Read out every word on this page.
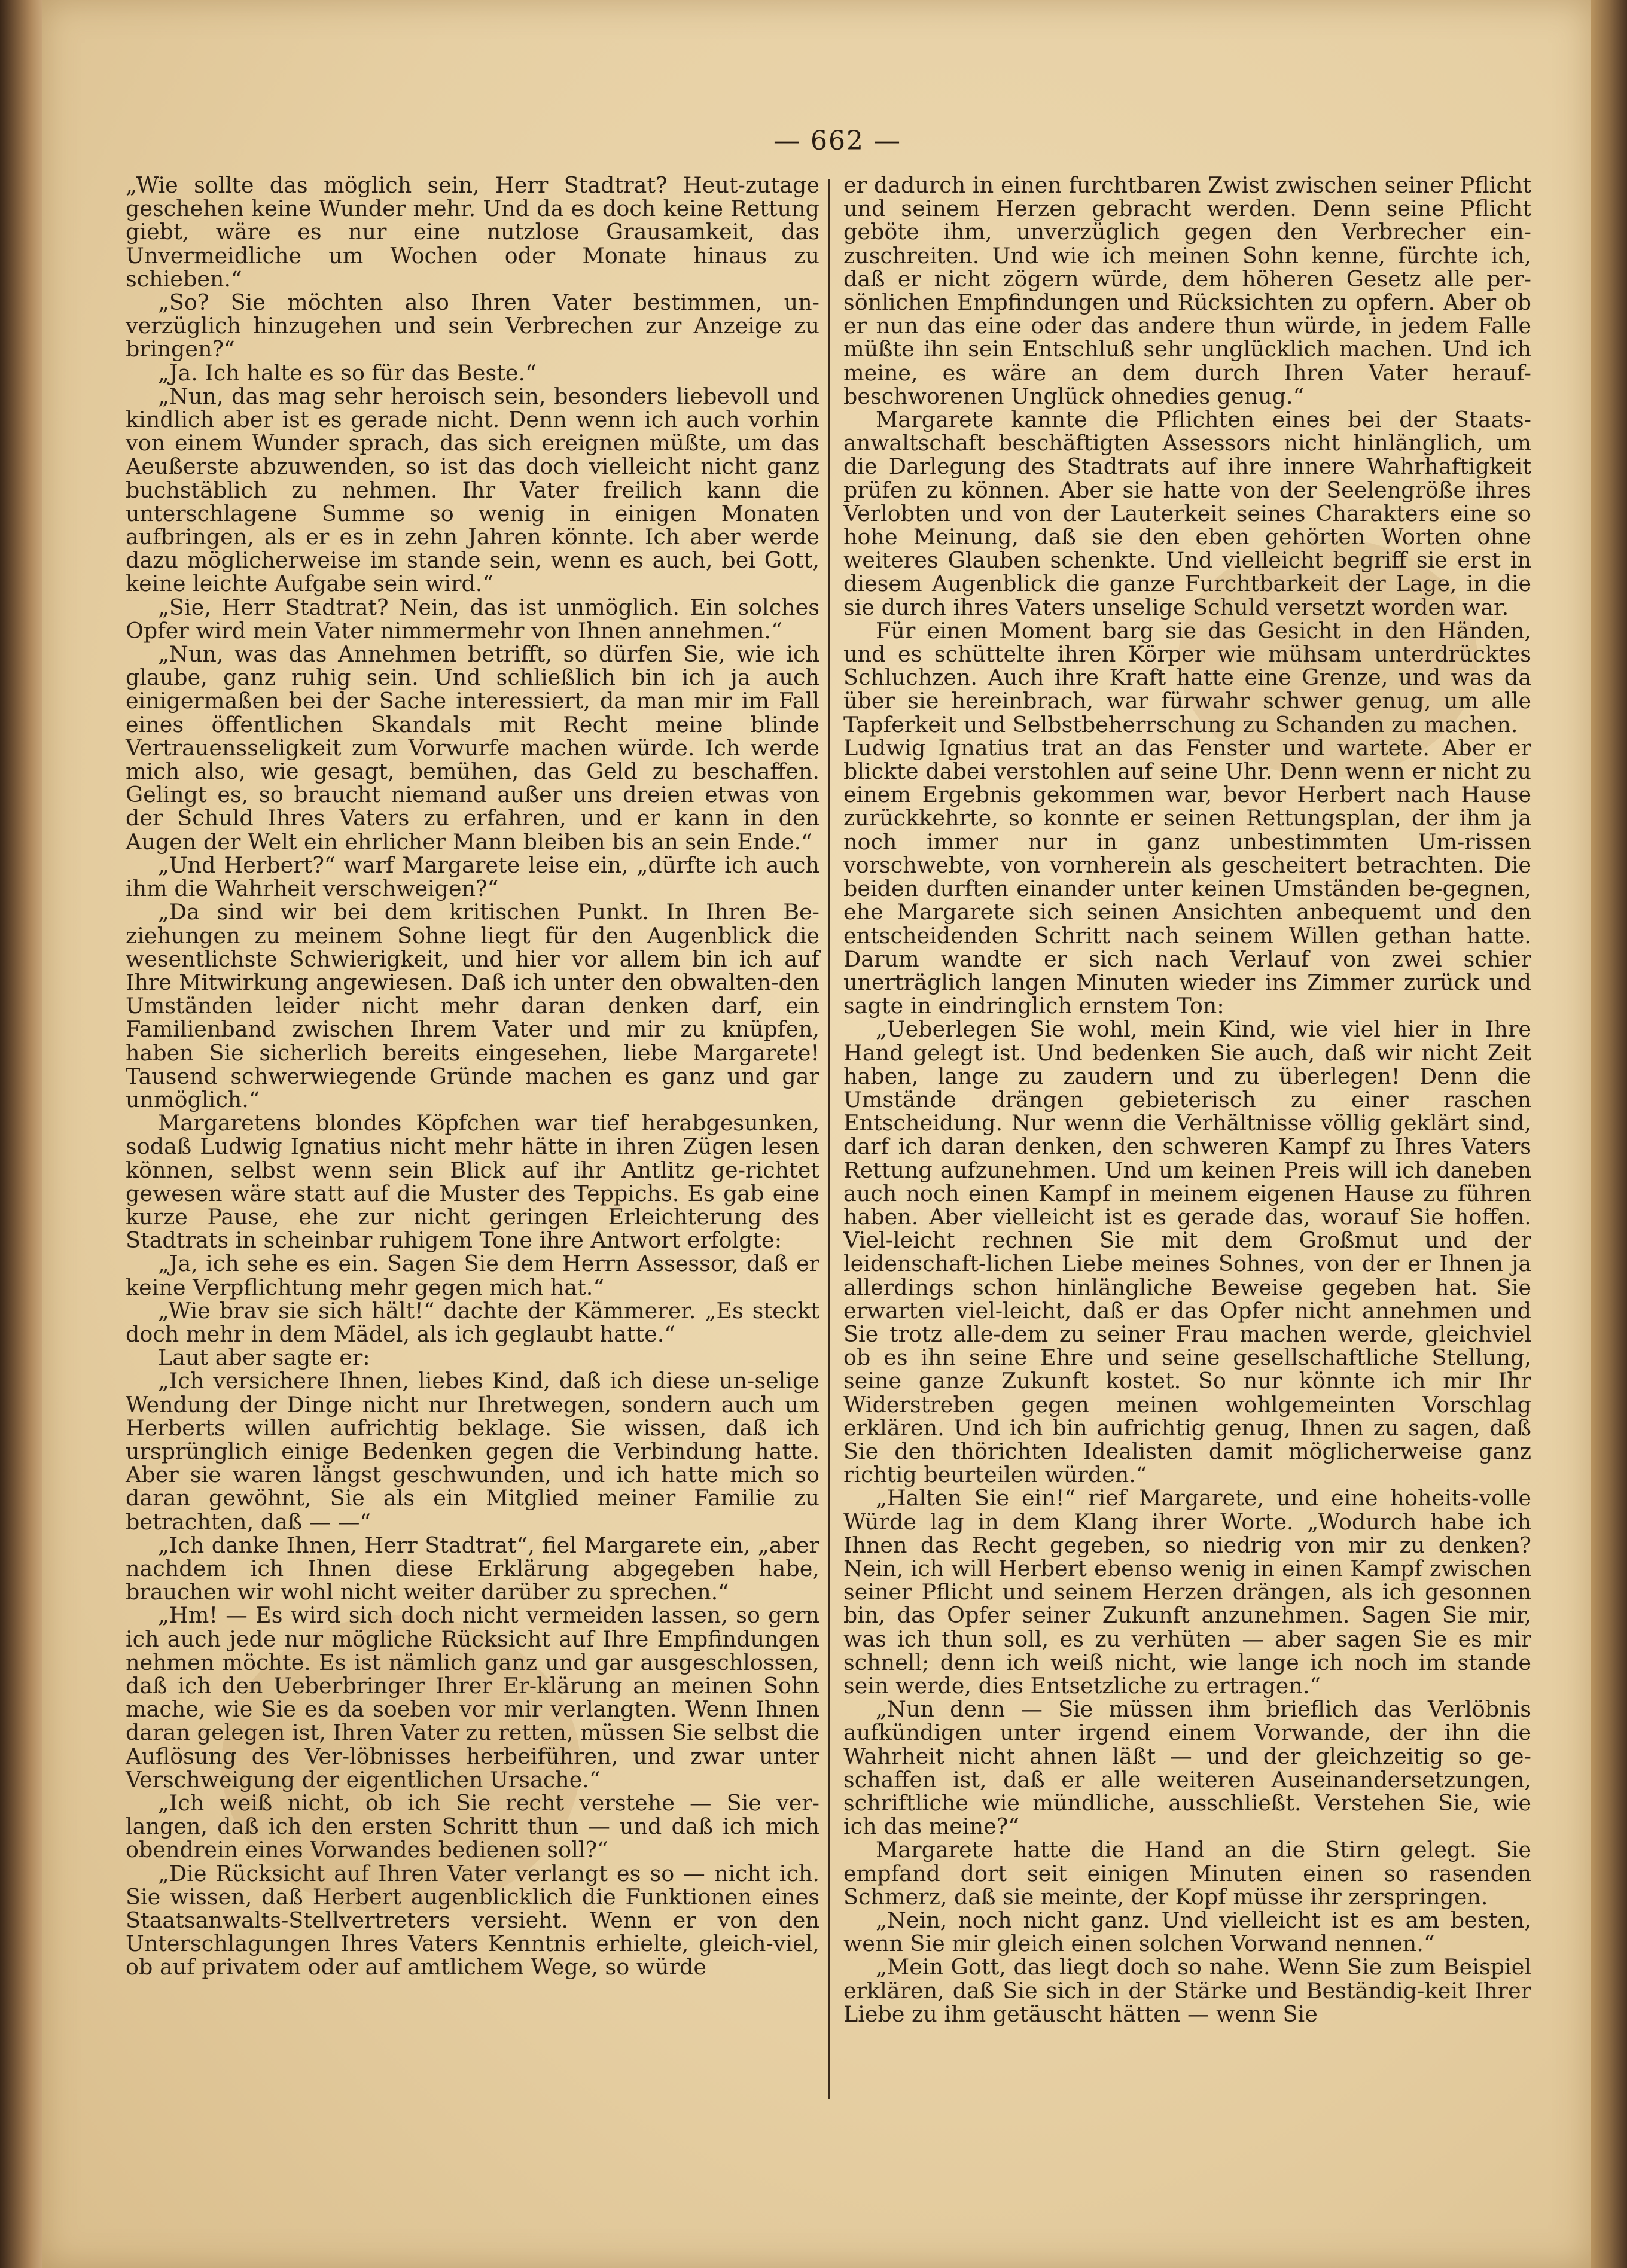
— 662 —

„Wie sollte das möglich sein, Herr Stadtrat? Heut-zutage geschehen keine Wunder mehr. Und da es doch keine Rettung giebt, wäre es nur eine nutzlose Grausamkeit, das Unvermeidliche um Wochen oder Monate hinaus zu schieben.“

„So? Sie möchten also Ihren Vater bestimmen, un-verzüglich hinzugehen und sein Verbrechen zur Anzeige zu bringen?“

„Ja. Ich halte es so für das Beste.“

„Nun, das mag sehr heroisch sein, besonders liebevoll und kindlich aber ist es gerade nicht. Denn wenn ich auch vorhin von einem Wunder sprach, das sich ereignen müßte, um das Aeußerste abzuwenden, so ist das doch vielleicht nicht ganz buchstäblich zu nehmen. Ihr Vater freilich kann die unterschlagene Summe so wenig in einigen Monaten aufbringen, als er es in zehn Jahren könnte. Ich aber werde dazu möglicherweise im stande sein, wenn es auch, bei Gott, keine leichte Aufgabe sein wird.“

„Sie, Herr Stadtrat? Nein, das ist unmöglich. Ein solches Opfer wird mein Vater nimmermehr von Ihnen annehmen.“

„Nun, was das Annehmen betrifft, so dürfen Sie, wie ich glaube, ganz ruhig sein. Und schließlich bin ich ja auch einigermaßen bei der Sache interessiert, da man mir im Fall eines öffentlichen Skandals mit Recht meine blinde Vertrauensseligkeit zum Vorwurfe machen würde. Ich werde mich also, wie gesagt, bemühen, das Geld zu beschaffen. Gelingt es, so braucht niemand außer uns dreien etwas von der Schuld Ihres Vaters zu erfahren, und er kann in den Augen der Welt ein ehrlicher Mann bleiben bis an sein Ende.“

„Und Herbert?“ warf Margarete leise ein, „dürfte ich auch ihm die Wahrheit verschweigen?“

„Da sind wir bei dem kritischen Punkt. In Ihren Be-ziehungen zu meinem Sohne liegt für den Augenblick die wesentlichste Schwierigkeit, und hier vor allem bin ich auf Ihre Mitwirkung angewiesen. Daß ich unter den obwalten-den Umständen leider nicht mehr daran denken darf, ein Familienband zwischen Ihrem Vater und mir zu knüpfen, haben Sie sicherlich bereits eingesehen, liebe Margarete! Tausend schwerwiegende Gründe machen es ganz und gar unmöglich.“

Margaretens blondes Köpfchen war tief herabgesunken, sodaß Ludwig Ignatius nicht mehr hätte in ihren Zügen lesen können, selbst wenn sein Blick auf ihr Antlitz ge-richtet gewesen wäre statt auf die Muster des Teppichs. Es gab eine kurze Pause, ehe zur nicht geringen Erleichterung des Stadtrats in scheinbar ruhigem Tone ihre Antwort erfolgte:

„Ja, ich sehe es ein. Sagen Sie dem Herrn Assessor, daß er keine Verpflichtung mehr gegen mich hat.“

„Wie brav sie sich hält!“ dachte der Kämmerer. „Es steckt doch mehr in dem Mädel, als ich geglaubt hatte.“

Laut aber sagte er:

„Ich versichere Ihnen, liebes Kind, daß ich diese un-selige Wendung der Dinge nicht nur Ihretwegen, sondern auch um Herberts willen aufrichtig beklage. Sie wissen, daß ich ursprünglich einige Bedenken gegen die Verbindung hatte. Aber sie waren längst geschwunden, und ich hatte mich so daran gewöhnt, Sie als ein Mitglied meiner Familie zu betrachten, daß — —“

„Ich danke Ihnen, Herr Stadtrat“, fiel Margarete ein, „aber nachdem ich Ihnen diese Erklärung abgegeben habe, brauchen wir wohl nicht weiter darüber zu sprechen.“

„Hm! — Es wird sich doch nicht vermeiden lassen, so gern ich auch jede nur mögliche Rücksicht auf Ihre Empfindungen nehmen möchte. Es ist nämlich ganz und gar ausgeschlossen, daß ich den Ueberbringer Ihrer Er-klärung an meinen Sohn mache, wie Sie es da soeben vor mir verlangten. Wenn Ihnen daran gelegen ist, Ihren Vater zu retten, müssen Sie selbst die Auflösung des Ver-löbnisses herbeiführen, und zwar unter Verschweigung der eigentlichen Ursache.“

„Ich weiß nicht, ob ich Sie recht verstehe — Sie ver-langen, daß ich den ersten Schritt thun — und daß ich mich obendrein eines Vorwandes bedienen soll?“

„Die Rücksicht auf Ihren Vater verlangt es so — nicht ich. Sie wissen, daß Herbert augenblicklich die Funktionen eines Staatsanwalts-Stellvertreters versieht. Wenn er von den Unterschlagungen Ihres Vaters Kenntnis erhielte, gleich-viel, ob auf privatem oder auf amtlichem Wege, so würde

er dadurch in einen furchtbaren Zwist zwischen seiner Pflicht und seinem Herzen gebracht werden. Denn seine Pflicht geböte ihm, unverzüglich gegen den Verbrecher ein-zuschreiten. Und wie ich meinen Sohn kenne, fürchte ich, daß er nicht zögern würde, dem höheren Gesetz alle per-sönlichen Empfindungen und Rücksichten zu opfern. Aber ob er nun das eine oder das andere thun würde, in jedem Falle müßte ihn sein Entschluß sehr unglücklich machen. Und ich meine, es wäre an dem durch Ihren Vater herauf-beschworenen Unglück ohnedies genug.“

Margarete kannte die Pflichten eines bei der Staats-anwaltschaft beschäftigten Assessors nicht hinlänglich, um die Darlegung des Stadtrats auf ihre innere Wahrhaftigkeit prüfen zu können. Aber sie hatte von der Seelengröße ihres Verlobten und von der Lauterkeit seines Charakters eine so hohe Meinung, daß sie den eben gehörten Worten ohne weiteres Glauben schenkte. Und vielleicht begriff sie erst in diesem Augenblick die ganze Furchtbarkeit der Lage, in die sie durch ihres Vaters unselige Schuld versetzt worden war.

Für einen Moment barg sie das Gesicht in den Händen, und es schüttelte ihren Körper wie mühsam unterdrücktes Schluchzen. Auch ihre Kraft hatte eine Grenze, und was da über sie hereinbrach, war fürwahr schwer genug, um alle Tapferkeit und Selbstbeherrschung zu Schanden zu machen.

Ludwig Ignatius trat an das Fenster und wartete. Aber er blickte dabei verstohlen auf seine Uhr. Denn wenn er nicht zu einem Ergebnis gekommen war, bevor Herbert nach Hause zurückkehrte, so konnte er seinen Rettungsplan, der ihm ja noch immer nur in ganz unbestimmten Um-rissen vorschwebte, von vornherein als gescheitert betrachten. Die beiden durften einander unter keinen Umständen be-gegnen, ehe Margarete sich seinen Ansichten anbequemt und den entscheidenden Schritt nach seinem Willen gethan hatte. Darum wandte er sich nach Verlauf von zwei schier unerträglich langen Minuten wieder ins Zimmer zurück und sagte in eindringlich ernstem Ton:

„Ueberlegen Sie wohl, mein Kind, wie viel hier in Ihre Hand gelegt ist. Und bedenken Sie auch, daß wir nicht Zeit haben, lange zu zaudern und zu überlegen! Denn die Umstände drängen gebieterisch zu einer raschen Entscheidung. Nur wenn die Verhältnisse völlig geklärt sind, darf ich daran denken, den schweren Kampf zu Ihres Vaters Rettung aufzunehmen. Und um keinen Preis will ich daneben auch noch einen Kampf in meinem eigenen Hause zu führen haben. Aber vielleicht ist es gerade das, worauf Sie hoffen. Viel-leicht rechnen Sie mit dem Großmut und der leidenschaft-lichen Liebe meines Sohnes, von der er Ihnen ja allerdings schon hinlängliche Beweise gegeben hat. Sie erwarten viel-leicht, daß er das Opfer nicht annehmen und Sie trotz alle-dem zu seiner Frau machen werde, gleichviel ob es ihn seine Ehre und seine gesellschaftliche Stellung, seine ganze Zukunft kostet. So nur könnte ich mir Ihr Widerstreben gegen meinen wohlgemeinten Vorschlag erklären. Und ich bin aufrichtig genug, Ihnen zu sagen, daß Sie den thörichten Idealisten damit möglicherweise ganz richtig beurteilen würden.“

„Halten Sie ein!“ rief Margarete, und eine hoheits-volle Würde lag in dem Klang ihrer Worte. „Wodurch habe ich Ihnen das Recht gegeben, so niedrig von mir zu denken? Nein, ich will Herbert ebenso wenig in einen Kampf zwischen seiner Pflicht und seinem Herzen drängen, als ich gesonnen bin, das Opfer seiner Zukunft anzunehmen. Sagen Sie mir, was ich thun soll, es zu verhüten — aber sagen Sie es mir schnell; denn ich weiß nicht, wie lange ich noch im stande sein werde, dies Entsetzliche zu ertragen.“

„Nun denn — Sie müssen ihm brieflich das Verlöbnis aufkündigen unter irgend einem Vorwande, der ihn die Wahrheit nicht ahnen läßt — und der gleichzeitig so ge-schaffen ist, daß er alle weiteren Auseinandersetzungen, schriftliche wie mündliche, ausschließt. Verstehen Sie, wie ich das meine?“

Margarete hatte die Hand an die Stirn gelegt. Sie empfand dort seit einigen Minuten einen so rasenden Schmerz, daß sie meinte, der Kopf müsse ihr zerspringen.

„Nein, noch nicht ganz. Und vielleicht ist es am besten, wenn Sie mir gleich einen solchen Vorwand nennen.“

„Mein Gott, das liegt doch so nahe. Wenn Sie zum Beispiel erklären, daß Sie sich in der Stärke und Beständig-keit Ihrer Liebe zu ihm getäuscht hätten — wenn Sie
